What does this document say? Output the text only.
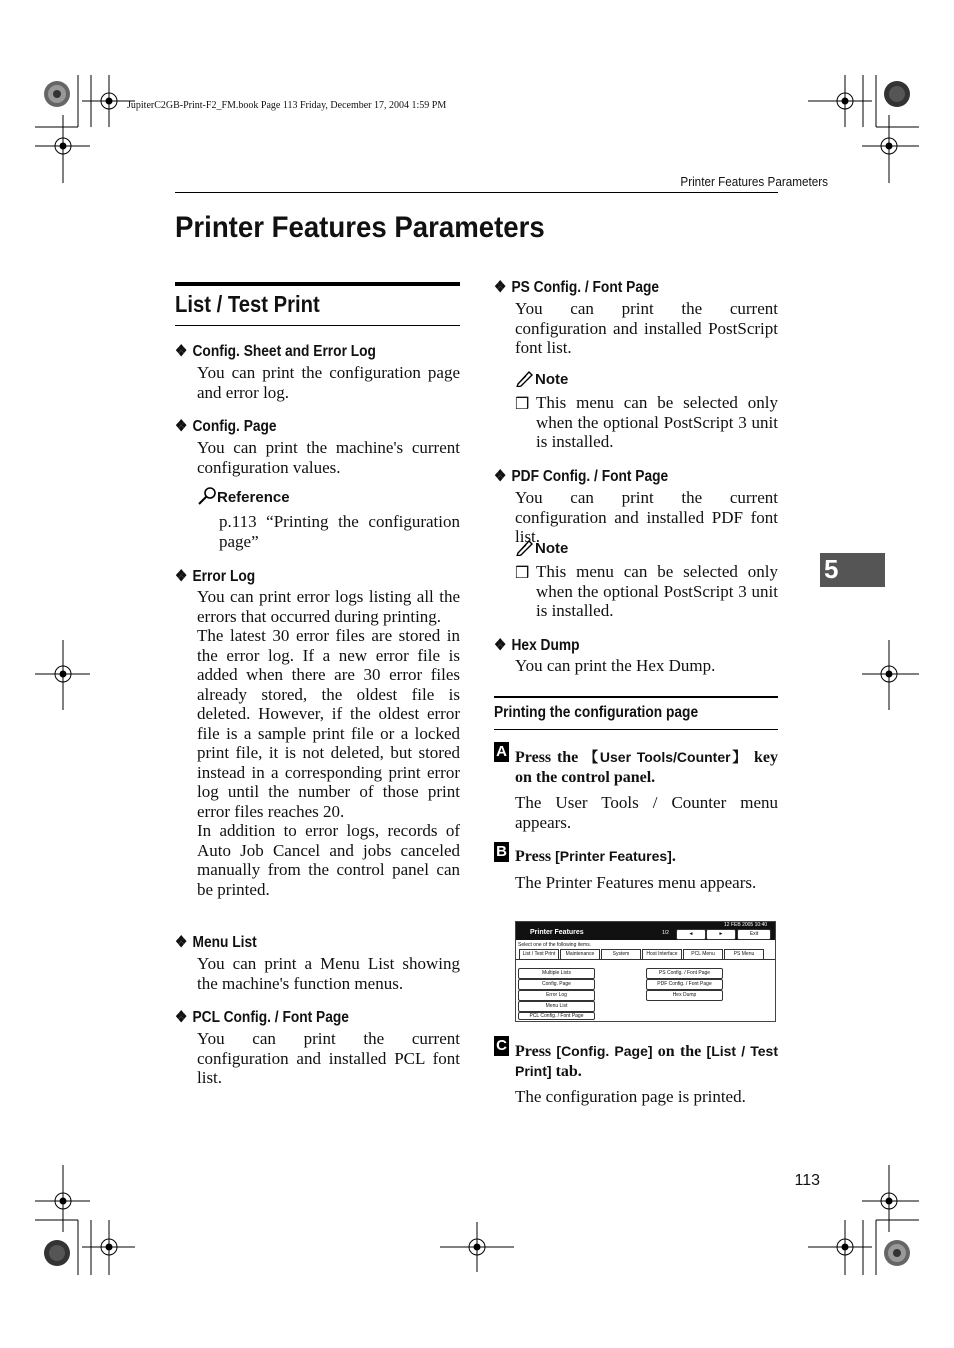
JupiterC2GB-Print-F2_FM.book Page 113 Friday, December 17, 2004 1:59 PM
Printer Features Parameters
Printer Features Parameters
List / Test Print
❖ Config. Sheet and Error Log
You can print the configuration page and error log.
❖ Config. Page
You can print the machine's current configuration values.
Reference
p.113 “Printing the configuration page”
❖ Error Log
You can print error logs listing all the errors that occurred during printing.
The latest 30 error files are stored in the error log. If a new error file is added when there are 30 error files already stored, the oldest file is deleted. However, if the oldest error file is a sample print file or a locked print file, it is not deleted, but stored instead in a corresponding print error log until the number of those print error files reaches 20.
In addition to error logs, records of Auto Job Cancel and jobs canceled manually from the control panel can be printed.
❖ Menu List
You can print a Menu List showing the machine's function menus.
❖ PCL Config. / Font Page
You can print the current configuration and installed PCL font list.
❖ PS Config. / Font Page
You can print the current configuration and installed PostScript font list.
Note
❒ This menu can be selected only when the optional PostScript 3 unit is installed.
❖ PDF Config. / Font Page
You can print the current configuration and installed PDF font list.
Note
❒ This menu can be selected only when the optional PostScript 3 unit is installed.
❖ Hex Dump
You can print the Hex Dump.
Printing the configuration page
A Press the 【User Tools/Counter】 key on the control panel.
The User Tools / Counter menu appears.
B Press [Printer Features].
The Printer Features menu appears.
Printer Features
12 FEB 2005 10:40
1/2	◄	►	Exit
Select one of the following items.
List / Test Print	Maintenance	System	Host Interface	PCL Menu	PS Menu
Multiple Lists
Config. Page
Error Log
Menu List
PCL Config. / Font Page
PS Config. / Font Page
PDF Config. / Font Page
Hex Dump
C Press [Config. Page] on the [List / Test Print] tab.
The configuration page is printed.
5
113
